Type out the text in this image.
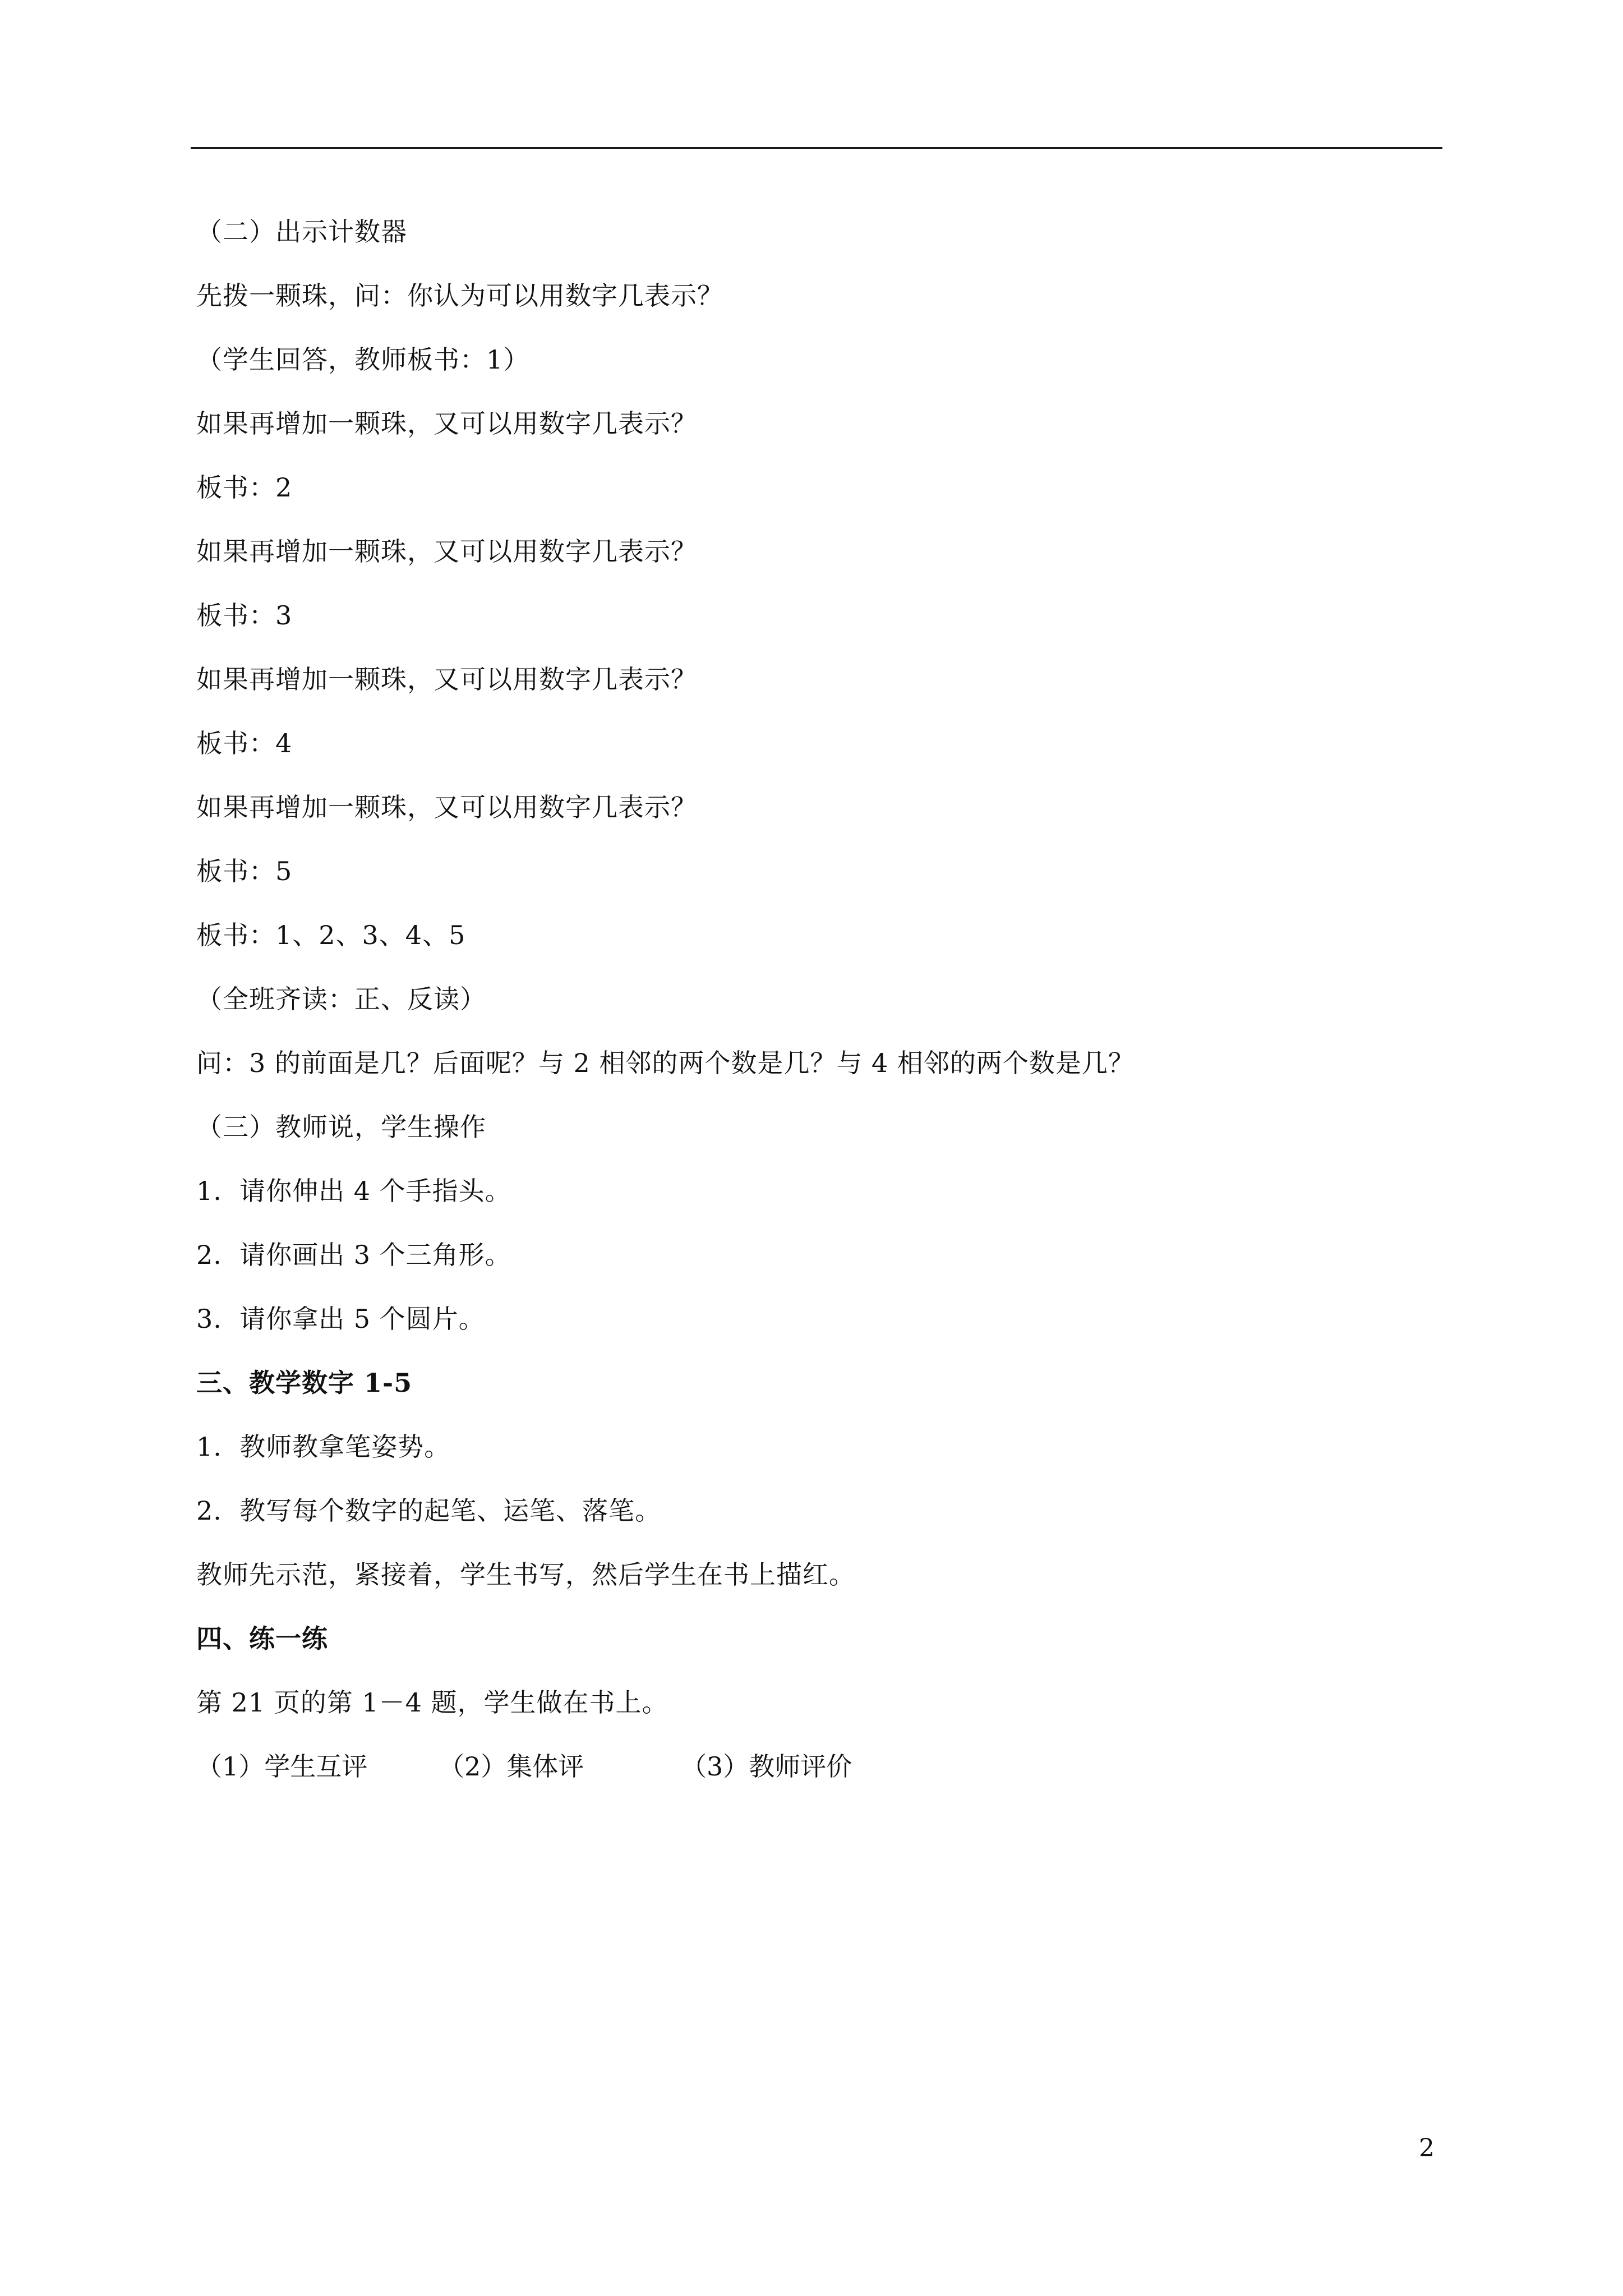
（二）出示计数器
先拨一颗珠，问：你认为可以用数字几表示？
（学生回答，教师板书：1）
如果再增加一颗珠，又可以用数字几表示？
板书：2
如果再增加一颗珠，又可以用数字几表示？
板书：3
如果再增加一颗珠，又可以用数字几表示？
板书：4
如果再增加一颗珠，又可以用数字几表示？
板书：5
板书：1、2、3、4、5
（全班齐读：正、反读）
问：3 的前面是几？后面呢？与 2 相邻的两个数是几？与 4 相邻的两个数是几？
（三）教师说，学生操作
1.  请你伸出 4 个手指头。
2.  请你画出 3 个三角形。
3.  请你拿出 5 个圆片。
三、教学数字 1-5
1.  教师教拿笔姿势。
2.  教写每个数字的起笔、运笔、落笔。
教师先示范，紧接着，学生书写，然后学生在书上描红。
四、练一练
第 21 页的第 1－4 题，学生做在书上。
（1）学生互评	（2）集体评	（3）教师评价
2
